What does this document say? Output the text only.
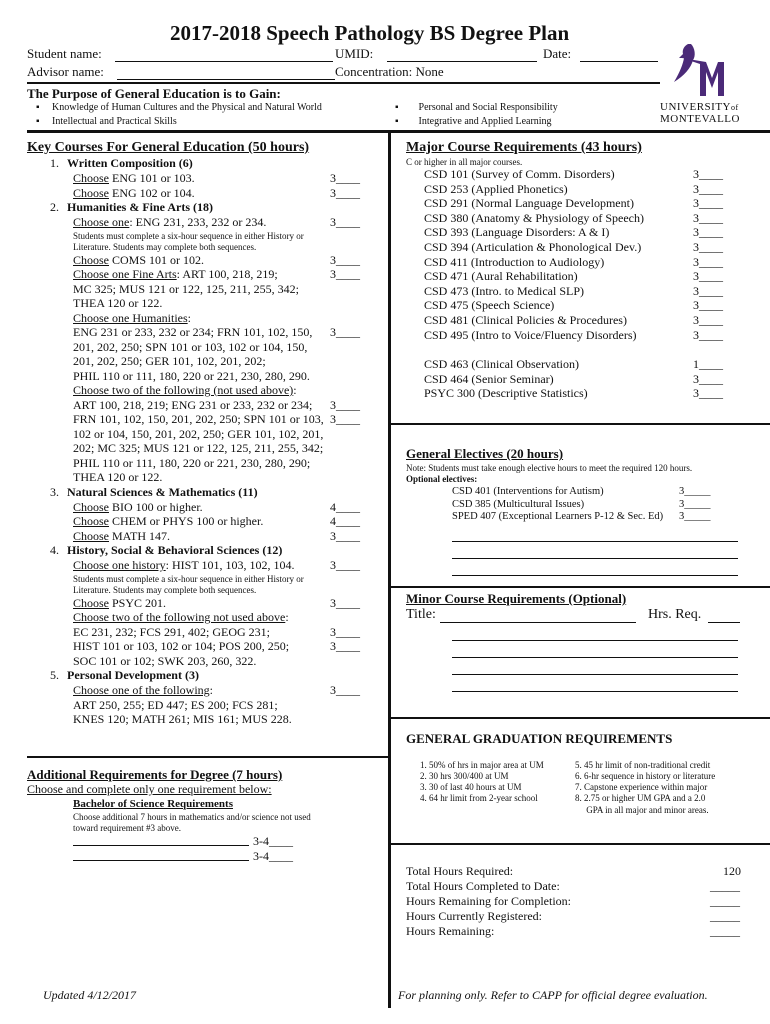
2017-2018 Speech Pathology BS Degree Plan
Student name:	UMID:	Date:
Advisor name:	Concentration: None
UNIVERSITYof
MONTEVALLO
The Purpose of General Education is to Gain:
▪     Knowledge of Human Cultures and the Physical and Natural World
▪     Intellectual and Practical Skills
▪        Personal and Social Responsibility
▪        Integrative and Applied Learning
Key Courses For General Education (50 hours)
1. Written Composition (6)
Choose ENG 101 or 103.	3____
Choose ENG 102 or 104.	3____
2. Humanities & Fine Arts (18)
Choose one: ENG 231, 233, 232 or 234.	3____
Students must complete a six-hour sequence in either History or
Literature. Students may complete both sequences.
Choose COMS 101 or 102.	3____
Choose one Fine Arts: ART 100, 218, 219;	3____
MC 325; MUS 121 or 122, 125, 211, 255, 342;
THEA 120 or 122.
Choose one Humanities:
ENG 231 or 233, 232 or 234; FRN 101, 102, 150, 3____
201, 202, 250; SPN 101 or 103, 102 or 104, 150,
201, 202, 250; GER 101, 102, 201, 202;
PHIL 110 or 111, 180, 220 or 221, 230, 280, 290.
Choose two of the following (not used above):
ART 100, 218, 219; ENG 231 or 233, 232 or 234; 3____
FRN 101, 102, 150, 201, 202, 250; SPN 101 or 103, 3____
102 or 104, 150, 201, 202, 250; GER 101, 102, 201,
202; MC 325; MUS 121 or 122, 125, 211, 255, 342;
PHIL 110 or 111, 180, 220 or 221, 230, 280, 290;
THEA 120 or 122.
3. Natural Sciences & Mathematics (11)
Choose BIO 100 or higher.	4____
Choose CHEM or PHYS 100 or higher.	4____
Choose MATH 147.	3____
4. History, Social & Behavioral Sciences (12)
Choose one history: HIST 101, 103, 102, 104.	3____
Students must complete a six-hour sequence in either History or
Literature. Students may complete both sequences.
Choose PSYC 201.	3____
Choose two of the following not used above:
EC 231, 232; FCS 291, 402; GEOG 231;	3____
HIST 101 or 103, 102 or 104; POS 200, 250;	3____
SOC 101 or 102; SWK 203, 260, 322.
5. Personal Development (3)
Choose one of the following:	3____
ART 250, 255; ED 447; ES 200; FCS 281;
KNES 120; MATH 261; MIS 161; MUS 228.
Additional Requirements for Degree (7 hours)
Choose and complete only one requirement below:
Bachelor of Science Requirements
Choose additional 7 hours in mathematics and/or science not used
toward requirement #3 above.
3-4____
3-4____
Major Course Requirements (43 hours)
C or higher in all major courses.
CSD 101 (Survey of Comm. Disorders)	3____
CSD 253 (Applied Phonetics)	3____
CSD 291 (Normal Language Development)	3____
CSD 380 (Anatomy & Physiology of Speech)	3____
CSD 393 (Language Disorders: A & I)	3____
CSD 394 (Articulation & Phonological Dev.)	3____
CSD 411 (Introduction to Audiology)	3____
CSD 471 (Aural Rehabilitation)	3____
CSD 473 (Intro. to Medical SLP)	3____
CSD 475 (Speech Science)	3____
CSD 481 (Clinical Policies & Procedures)	3____
CSD 495 (Intro to Voice/Fluency Disorders)	3____
CSD 463 (Clinical Observation)	1____
CSD 464 (Senior Seminar)	3____
PSYC 300 (Descriptive Statistics)	3____
General Electives (20 hours)
Note: Students must take enough elective hours to meet the required 120 hours.
Optional electives:
CSD 401 (Interventions for Autism)	3_____
CSD 385 (Multicultural Issues)	3_____
SPED 407 (Exceptional Learners P-12 & Sec. Ed) 3_____
Minor Course Requirements (Optional)
Title:	Hrs. Req.
GENERAL GRADUATION REQUIREMENTS
1. 50% of hrs in major area at UM
2. 30 hrs 300/400 at UM
3. 30 of last 40 hours at UM
4. 64 hr limit from 2-year school
5. 45 hr limit of non-traditional credit
6. 6-hr sequence in history or literature
7. Capstone experience within major
8. 2.75 or higher UM GPA and a 2.0
GPA in all major and minor areas.
Total Hours Required:	120
Total Hours Completed to Date:	_____
Hours Remaining for Completion:	_____
Hours Currently Registered:	_____
Hours Remaining:	_____
Updated 4/12/2017	For planning only. Refer to CAPP for official degree evaluation.
